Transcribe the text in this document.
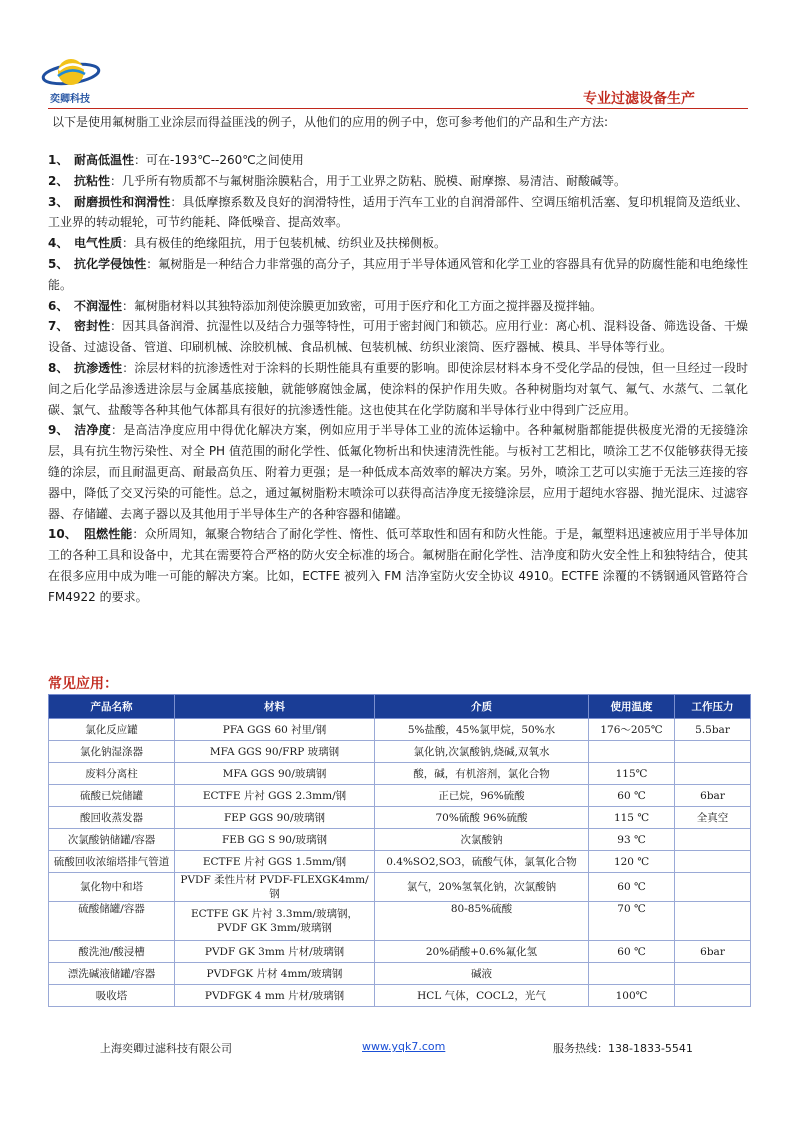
奕卿科技	专业过滤设备生产
以下是使用氟树脂工业涂层而得益匪浅的例子，从他们的应用的例子中，您可参考他们的产品和生产方法:

1、 耐高低温性：可在-193℃--260℃之间使用

2、 抗粘性：几乎所有物质都不与氟树脂涂膜粘合，用于工业界之防粘、脱模、耐摩擦、易清洁、耐酸碱等。

3、 耐磨损性和润滑性：具低摩擦系数及良好的润滑特性，适用于汽车工业的自润滑部件、空调压缩机活塞、复印机辊筒及造纸业、工业界的转动辊轮，可节约能耗、降低噪音、提高效率。

4、 电气性质：具有极佳的绝缘阻抗，用于包装机械、纺织业及扶梯侧板。

5、 抗化学侵蚀性：氟树脂是一种结合力非常强的高分子，其应用于半导体通风管和化学工业的容器具有优异的防腐性能和电绝缘性能。

6、 不润湿性：氟树脂材料以其独特添加剂使涂膜更加致密，可用于医疗和化工方面之搅拌器及搅拌轴。

7、 密封性：因其具备润滑、抗湿性以及结合力强等特性，可用于密封阀门和锁芯。应用行业：离心机、混料设备、筛选设备、干燥设备、过滤设备、管道、印刷机械、涂胶机械、食品机械、包装机械、纺织业滚筒、医疗器械、模具、半导体等行业。

8、 抗渗透性：涂层材料的抗渗透性对于涂料的长期性能具有重要的影响。即使涂层材料本身不受化学品的侵蚀，但一旦经过一段时间之后化学品渗透进涂层与金属基底接触，就能够腐蚀金属，使涂料的保护作用失败。各种树脂均对氧气、氟气、水蒸气、二氧化碳、氯气、盐酸等各种其他气体都具有很好的抗渗透性能。这也使其在化学防腐和半导体行业中得到广泛应用。

9、 洁净度：是高洁净度应用中得优化解决方案，例如应用于半导体工业的流体运输中。各种氟树脂都能提供极度光滑的无接缝涂层，具有抗生物污染性、对全 PH 值范围的耐化学性、低氟化物析出和快速清洗性能。与板衬工艺相比，喷涂工艺不仅能够获得无接缝的涂层，而且耐温更高、耐最高负压、附着力更强；是一种低成本高效率的解决方案。另外，喷涂工艺可以实施于无法三连接的容器中，降低了交叉污染的可能性。总之，通过氟树脂粉末喷涂可以获得高洁净度无接缝涂层，应用于超纯水容器、抛光混床、过滤容器、存储罐、去离子器以及其他用于半导体生产的各种容器和储罐。

10、 阻燃性能：众所周知，氟聚合物结合了耐化学性、惰性、低可萃取性和固有和防火性能。于是，氟塑料迅速被应用于半导体加工的各种工具和设备中，尤其在需要符合严格的防火安全标准的场合。氟树脂在耐化学性、洁净度和防火安全性上和独特结合，使其在很多应用中成为唯一可能的解决方案。比如，ECTFE 被列入 FM 洁净室防火安全协议 4910。ECTFE 涂覆的不锈钢通风管路符合 FM4922 的要求。

常见应用：
产品名称	材料	介质	使用温度	工作压力
氯化反应罐	PFA GGS 60 衬里/钢	5%盐酸，45%氯甲烷，50%水	176～205℃	5.5bar
氯化钠湿涤器	MFA GGS 90/FRP 玻璃钢	氯化钠,次氯酸钠,烧碱,双氧水		
废料分离柱	MFA GGS 90/玻璃钢	酸，碱，有机溶剂，氯化合物	115℃	
硫酸已烷储罐	ECTFE 片衬 GGS 2.3mm/钢	正已烷，96%硫酸	60 ℃	6bar
酸回收蒸发器	FEP GGS 90/玻璃钢	70%硫酸 96%硫酸	115 ℃	全真空
次氯酸钠储罐/容器	FEB GG S 90/玻璃钢	次氯酸钠	93 ℃	
硫酸回收浓缩塔排气管道	ECTFE 片衬 GGS 1.5mm/钢	0.4%SO2,SO3，硫酸气体，氯氧化合物	120 ℃	
氯化物中和塔	PVDF 柔性片材 PVDF-FLEXGK4mm/钢	氯气，20%氢氧化钠，次氯酸钠	60 ℃	
硫酸储罐/容器	ECTFE GK 片衬 3.3mm/玻璃钢，PVDF GK 3mm/玻璃钢	80-85%硫酸	70 ℃	
酸洗池/酸浸槽	PVDF GK 3mm 片材/玻璃钢	20%硝酸+0.6%氟化氢	60 ℃	6bar
漂洗碱液储罐/容器	PVDFGK 片材 4mm/玻璃钢	碱液		
吸收塔	PVDFGK 4 mm 片材/玻璃钢	HCL 气体，COCL2，光气	100℃	
上海奕卿过滤科技有限公司	www.yqk7.com	服务热线：138-1833-5541
